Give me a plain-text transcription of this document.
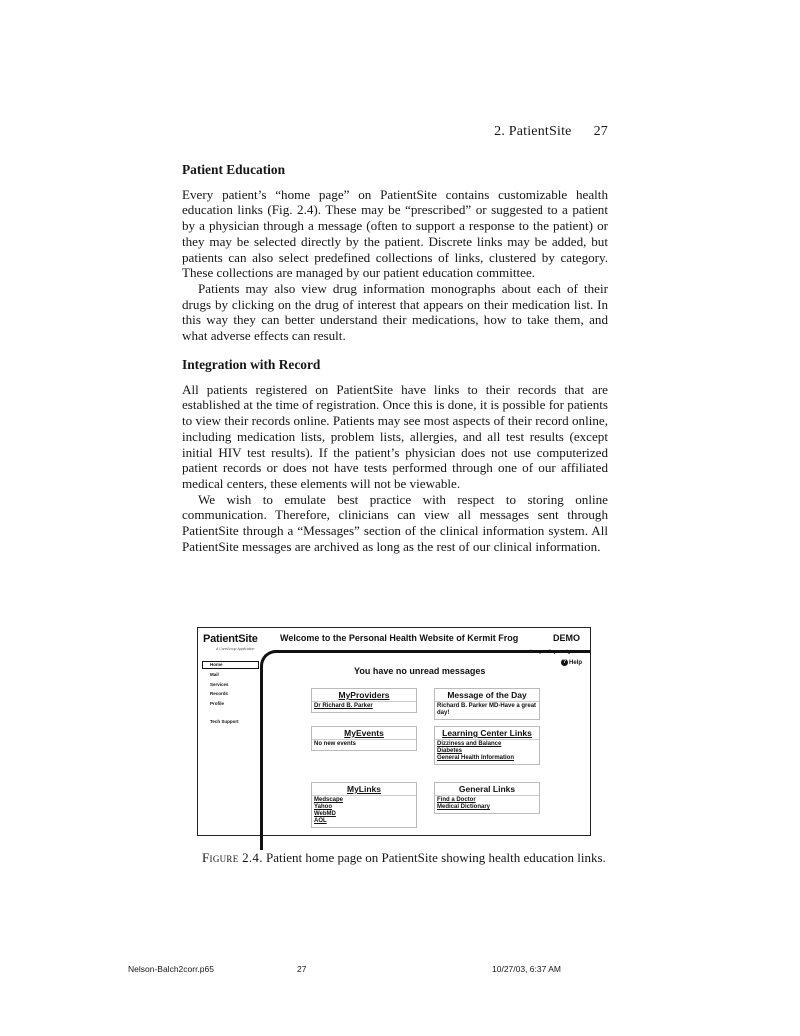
2. PatientSite 27
Patient Education

Every patient’s “home page” on PatientSite contains customizable health education links (Fig. 2.4). These may be “prescribed” or suggested to a patient by a physician through a message (often to support a response to the patient) or they may be selected directly by the patient. Discrete links may be added, but patients can also select predefined collections of links, clustered by category. These collections are managed by our patient education committee.

Patients may also view drug information monographs about each of their drugs by clicking on the drug of interest that appears on their medication list. In this way they can better understand their medications, how to take them, and what adverse effects can result.

Integration with Record

All patients registered on PatientSite have links to their records that are established at the time of registration. Once this is done, it is possible for patients to view their records online. Patients may see most aspects of their record online, including medication lists, problem lists, allergies, and all test results (except initial HIV test results). If the patient’s physician does not use computerized patient records or does not have tests performed through one of our affiliated medical centers, these elements will not be viewable.

We wish to emulate best practice with respect to storing online communication. Therefore, clinicians can view all messages sent through PatientSite through a “Messages” section of the clinical information system. All PatientSite messages are archived as long as the rest of our clinical information.

PatientSite
A CareGroup Application
Welcome to the Personal Health Website of Kermit Frog	DEMO
Privacy Policy Sign Out
? Help
Home
Mail
Services
Records
Profile
Tech Support
You have no unread messages
MyProviders
Dr Richard B. Parker
Message of the Day
Richard B. Parker MD-Have a great day!
MyEvents
No new events
Learning Center Links
Dizziness and Balance
Diabetes
General Health Information
MyLinks
Medscape
Yahoo
WebMD
AOL
General Links
Find a Doctor
Medical Dictionary
Figure 2.4. Patient home page on PatientSite showing health education links.
Nelson-Balch2corr.p65	27	10/27/03, 6:37 AM
